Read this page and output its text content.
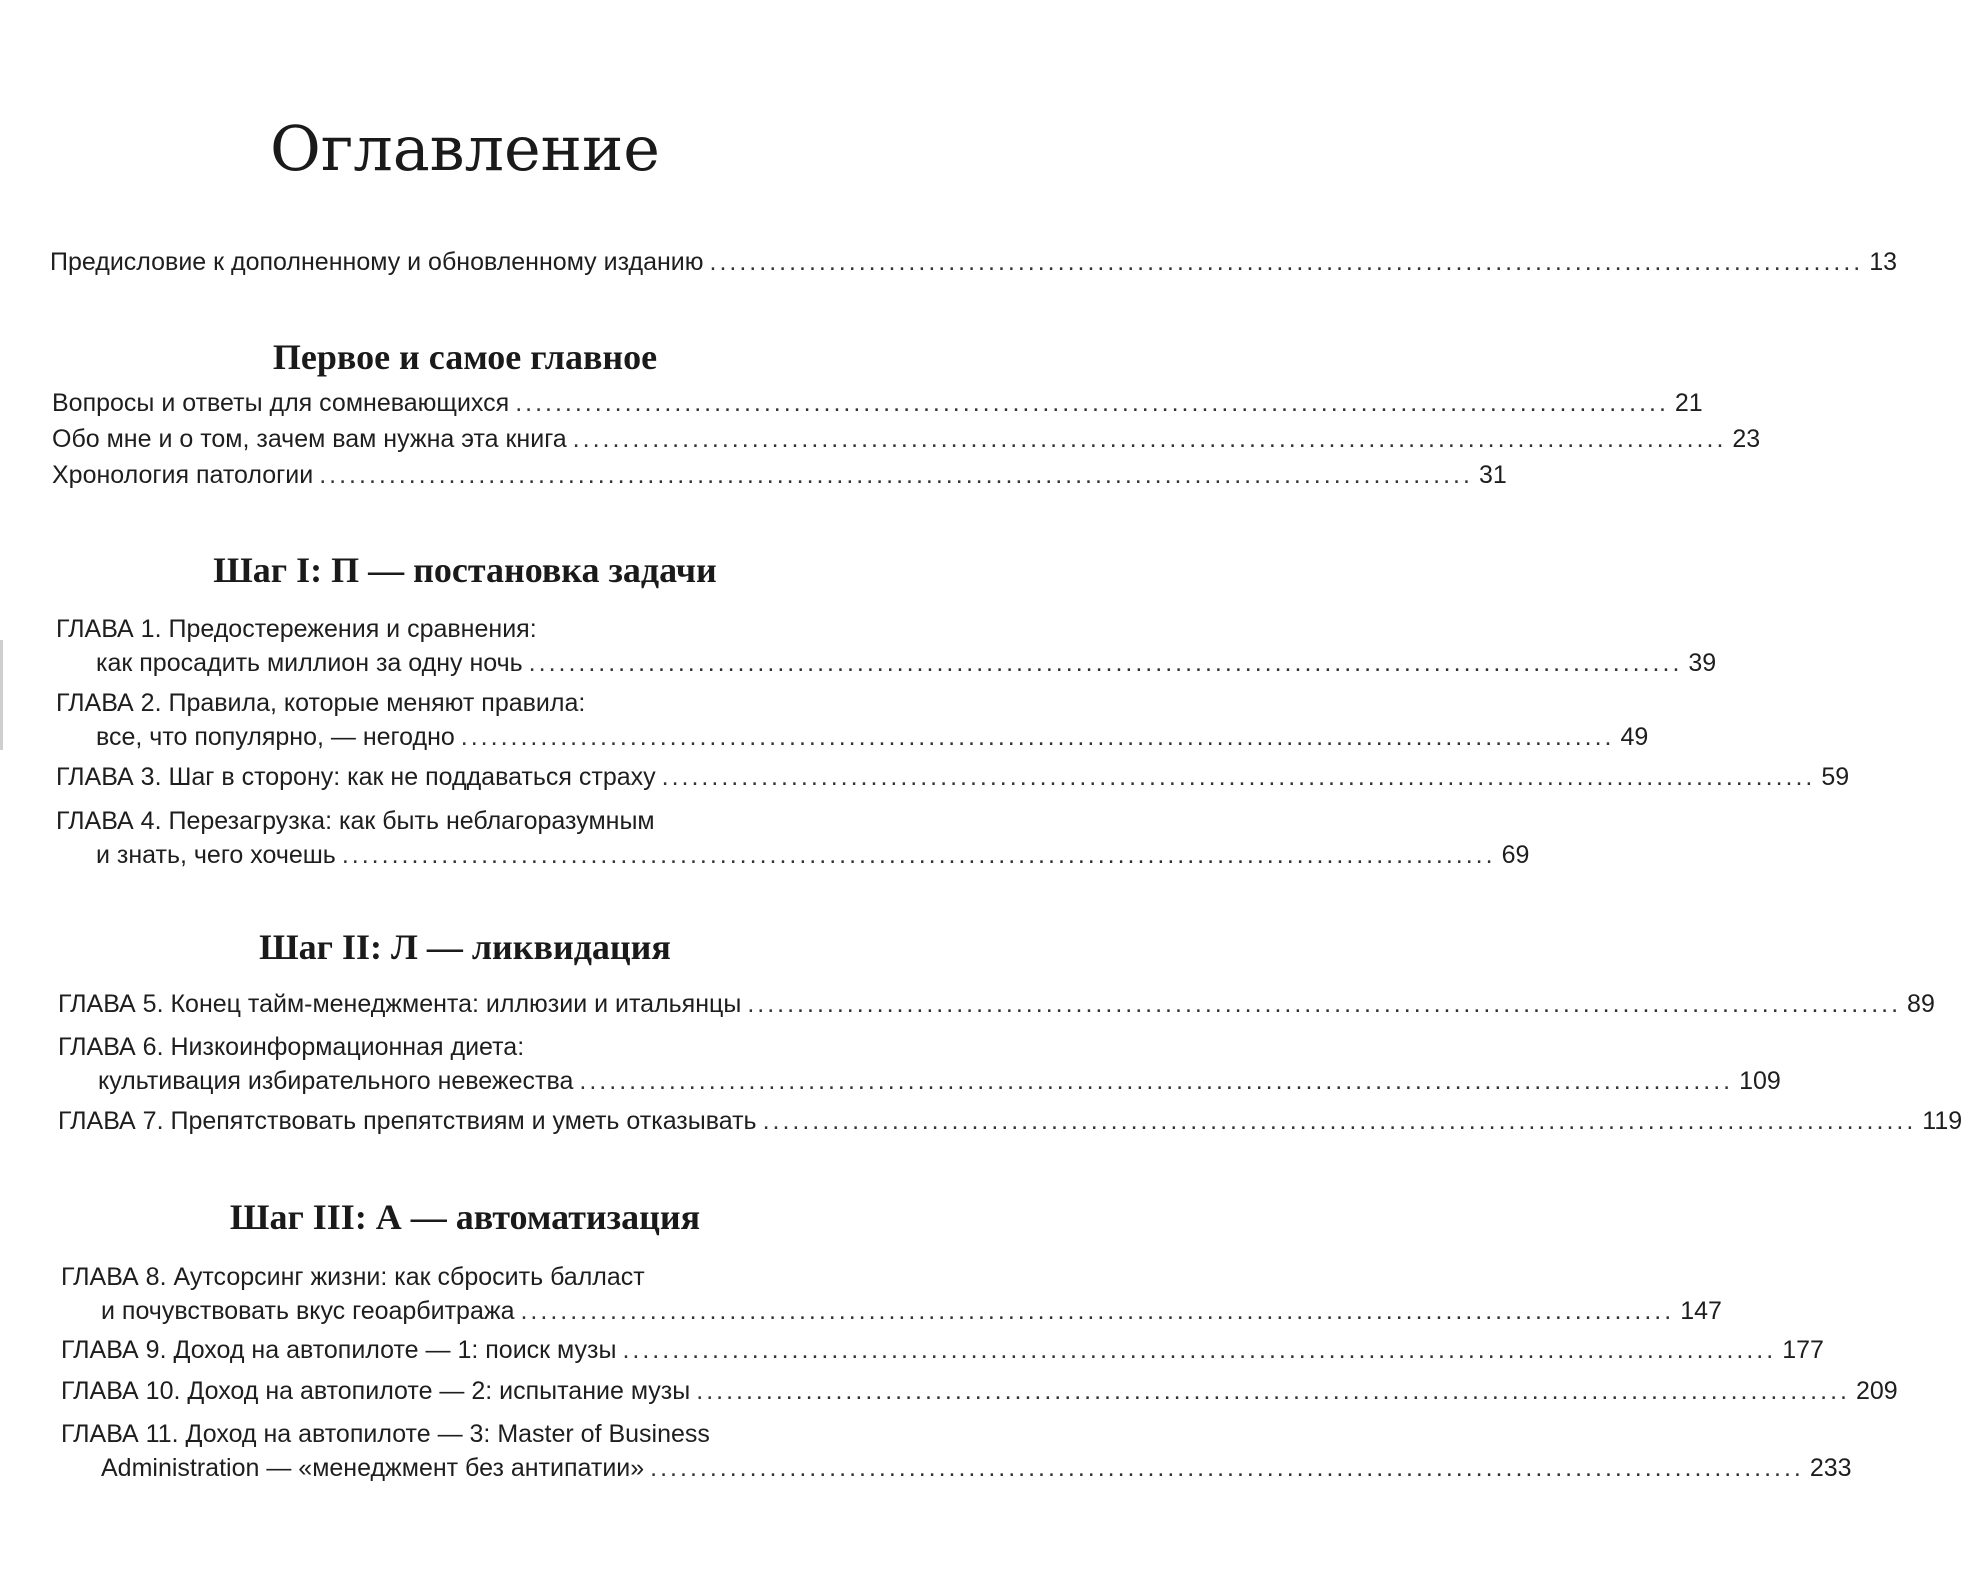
Оглавление
Предисловие к дополненному и обновленному изданию .................................................................................................................... 13
Первое и самое главное
Вопросы и ответы для сомневающихся .................................................................................................................... 21
Обо мне и о том, зачем вам нужна эта книга .................................................................................................................... 23
Хронология патологии .................................................................................................................... 31
Шаг I: П — постановка задачи
ГЛАВА 1. Предостережения и сравнения:
как просадить миллион за одну ночь .................................................................................................................... 39
ГЛАВА 2. Правила, которые меняют правила:
все, что популярно, — негодно .................................................................................................................... 49
ГЛАВА 3. Шаг в сторону: как не поддаваться страху .................................................................................................................... 59
ГЛАВА 4. Перезагрузка: как быть неблагоразумным
и знать, чего хочешь .................................................................................................................... 69
Шаг II: Л — ликвидация
ГЛАВА 5. Конец тайм-менеджмента: иллюзии и итальянцы .................................................................................................................... 89
ГЛАВА 6. Низкоинформационная диета:
культивация избирательного невежества .................................................................................................................... 109
ГЛАВА 7. Препятствовать препятствиям и уметь отказывать .................................................................................................................... 119
Шаг III: А — автоматизация
ГЛАВА 8. Аутсорсинг жизни: как сбросить балласт
и почувствовать вкус геоарбитража .................................................................................................................... 147
ГЛАВА 9. Доход на автопилоте — 1: поиск музы .................................................................................................................... 177
ГЛАВА 10. Доход на автопилоте — 2: испытание музы .................................................................................................................... 209
ГЛАВА 11. Доход на автопилоте — 3: Master of Business
Administration — «менеджмент без антипатии» .................................................................................................................... 233
